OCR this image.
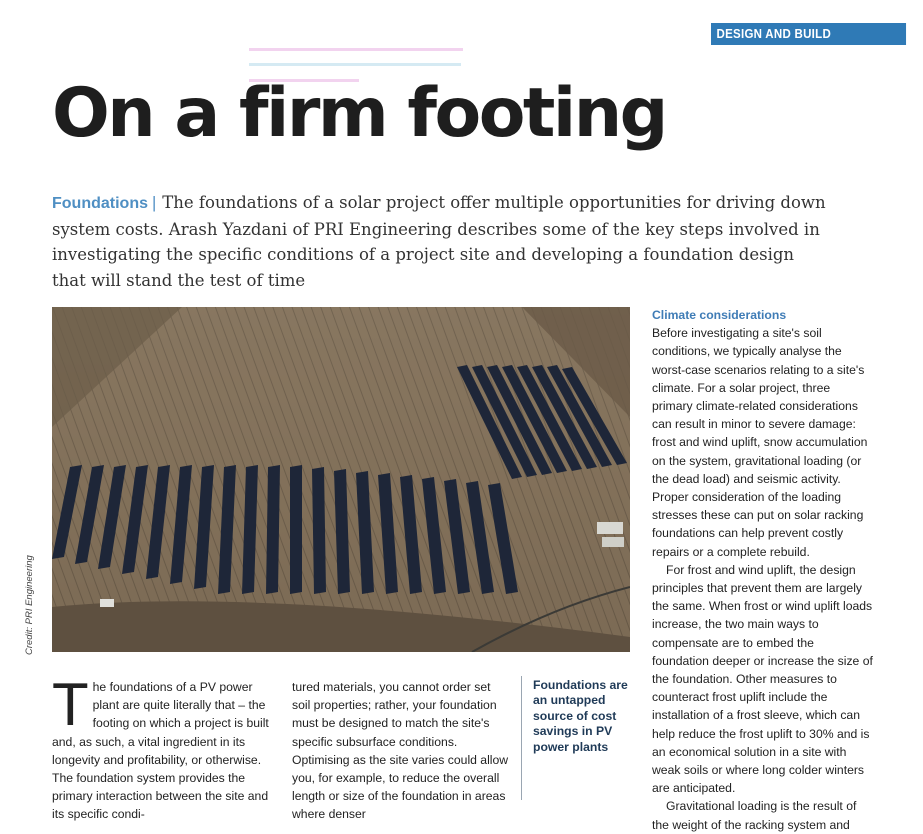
DESIGN AND BUILD
On a firm footing
Foundations | The foundations of a solar project offer multiple opportunities for driving down system costs. Arash Yazdani of PRI Engineering describes some of the key steps involved in investigating the specific conditions of a project site and developing a foundation design that will stand the test of time
Credit: PRI Engineering
The foundations of a PV power plant are quite literally that – the footing on which a project is built and, as such, a vital ingredient in its longevity and profitability, or otherwise. The foundation system provides the primary interaction between the site and its specific condi-
tured materials, you cannot order set soil properties; rather, your foundation must be designed to match the site's specific subsurface conditions. Optimising as the site varies could allow you, for example, to reduce the overall length or size of the foundation in areas where denser
Foundations are an untapped source of cost savings in PV power plants

Climate considerations

Before investigating a site's soil conditions, we typically analyse the worst-case scenarios relating to a site's climate. For a solar project, three primary climate-related considerations can result in minor to severe damage: frost and wind uplift, snow accumulation on the system, gravitational loading (or the dead load) and seismic activity. Proper consideration of the loading stresses these can put on solar racking foundations can help prevent costly repairs or a complete rebuild.

For frost and wind uplift, the design principles that prevent them are largely the same. When frost or wind uplift loads increase, the two main ways to compensate are to embed the foundation deeper or increase the size of the foundation. Other measures to counteract frost uplift include the installation of a frost sleeve, which can help reduce the frost uplift to 30% and is an economical solution in a site with weak soils or where long colder winters are anticipated.

Gravitational loading is the result of the weight of the racking system and
